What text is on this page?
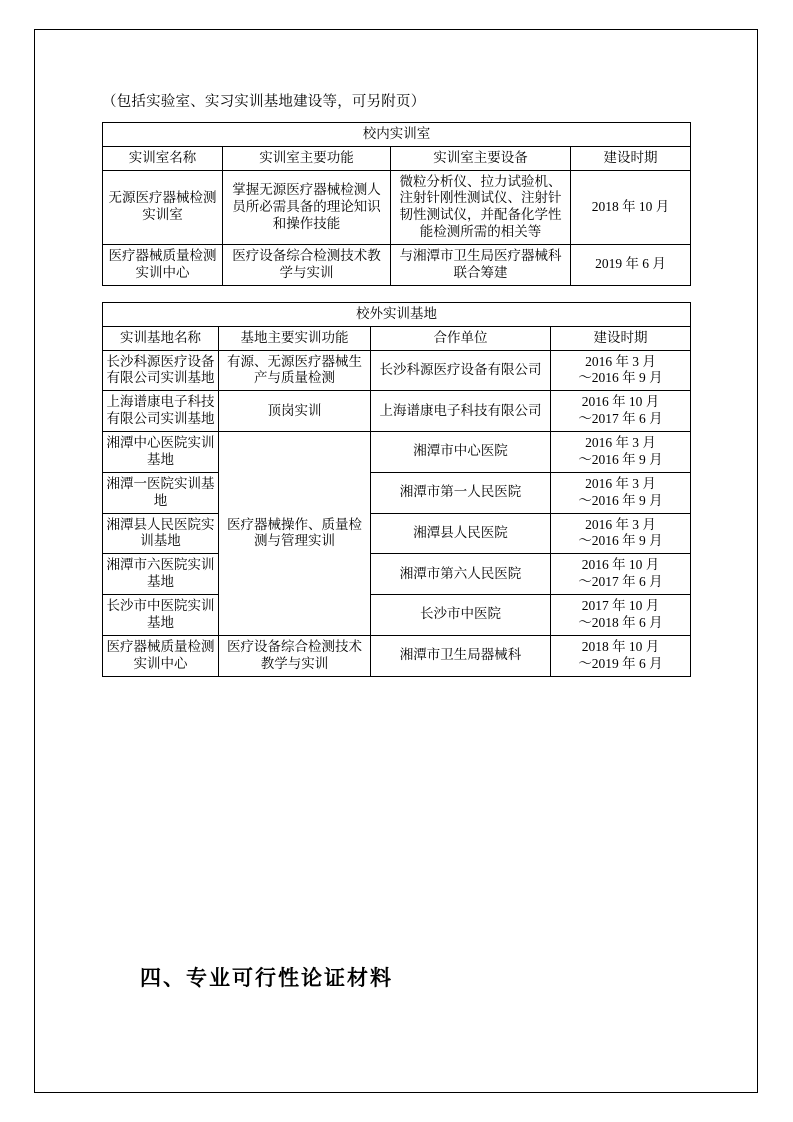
（包括实验室、实习实训基地建设等，可另附页）

校内实训室			
实训室名称	实训室主要功能	实训室主要设备	建设时期
无源医疗器械检测实训室	掌握无源医疗器械检测人员所必需具备的理论知识和操作技能	微粒分析仪、拉力试验机、注射针刚性测试仪、注射针韧性测试仪，并配备化学性能检测所需的相关等	2018 年 10 月
医疗器械质量检测实训中心	医疗设备综合检测技术教学与实训	与湘潭市卫生局医疗器械科联合筹建	2019 年 6 月
校外实训基地			
实训基地名称	基地主要实训功能	合作单位	建设时期
长沙科源医疗设备有限公司实训基地	有源、无源医疗器械生产与质量检测	长沙科源医疗设备有限公司	2016 年 3 月
～2016 年 9 月

上海谱康电子科技有限公司实训基地	顶岗实训	上海谱康电子科技有限公司	2016 年 10 月
～2017 年 6 月

湘潭中心医院实训基地	医疗器械操作、质量检测与管理实训	湘潭市中心医院	2016 年 3 月
～2016 年 9 月

湘潭一医院实训基地		湘潭市第一人民医院	2016 年 3 月
～2016 年 9 月

湘潭县人民医院实训基地		湘潭县人民医院	2016 年 3 月
～2016 年 9 月

湘潭市六医院实训基地		湘潭市第六人民医院	2016 年 10 月
～2017 年 6 月

长沙市中医院实训基地		长沙市中医院	2017 年 10 月
～2018 年 6 月

医疗器械质量检测实训中心	医疗设备综合检测技术教学与实训	湘潭市卫生局器械科	2018 年 10 月
～2019 年 6 月
四、专业可行性论证材料
